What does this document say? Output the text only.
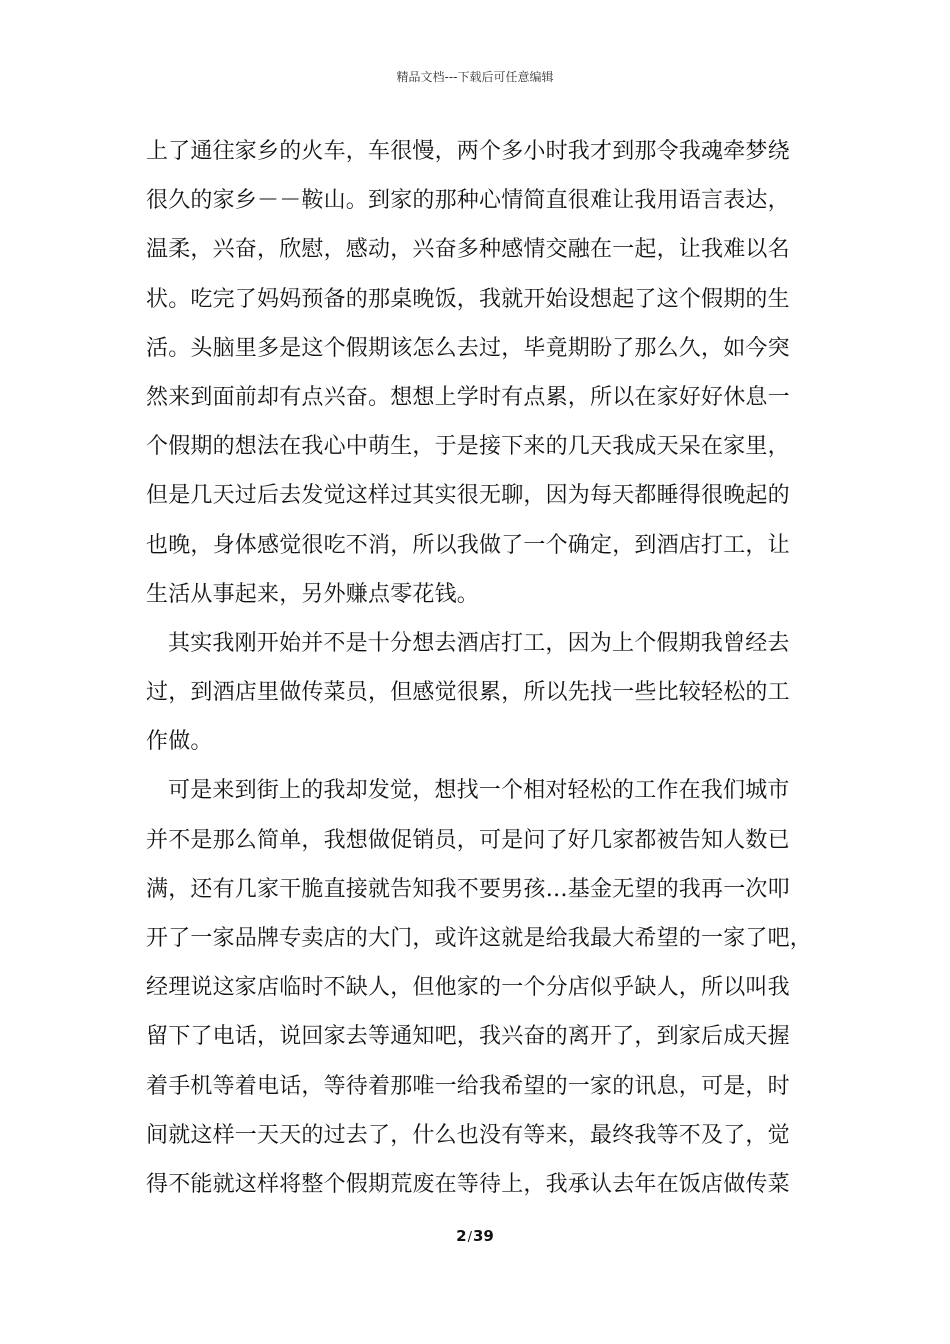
精品文档---下载后可任意编辑
上了通往家乡的火车，车很慢，两个多小时我才到那令我魂牵梦绕
很久的家乡－－鞍山。到家的那种心情简直很难让我用语言表达，
温柔，兴奋，欣慰，感动，兴奋多种感情交融在一起，让我难以名
状。吃完了妈妈预备的那桌晚饭，我就开始设想起了这个假期的生
活。头脑里多是这个假期该怎么去过，毕竟期盼了那么久，如今突
然来到面前却有点兴奋。想想上学时有点累，所以在家好好休息一
个假期的想法在我心中萌生，于是接下来的几天我成天呆在家里，
但是几天过后去发觉这样过其实很无聊，因为每天都睡得很晚起的
也晚，身体感觉很吃不消，所以我做了一个确定，到酒店打工，让
生活从事起来，另外赚点零花钱。
其实我刚开始并不是十分想去酒店打工，因为上个假期我曾经去
过，到酒店里做传菜员，但感觉很累，所以先找一些比较轻松的工
作做。
可是来到街上的我却发觉，想找一个相对轻松的工作在我们城市
并不是那么简单，我想做促销员，可是问了好几家都被告知人数已
满，还有几家干脆直接就告知我不要男孩…基金无望的我再一次叩
开了一家品牌专卖店的大门，或许这就是给我最大希望的一家了吧，
经理说这家店临时不缺人，但他家的一个分店似乎缺人，所以叫我
留下了电话，说回家去等通知吧，我兴奋的离开了，到家后成天握
着手机等着电话，等待着那唯一给我希望的一家的讯息，可是，时
间就这样一天天的过去了，什么也没有等来，最终我等不及了，觉
得不能就这样将整个假期荒废在等待上，我承认去年在饭店做传菜
2/39
